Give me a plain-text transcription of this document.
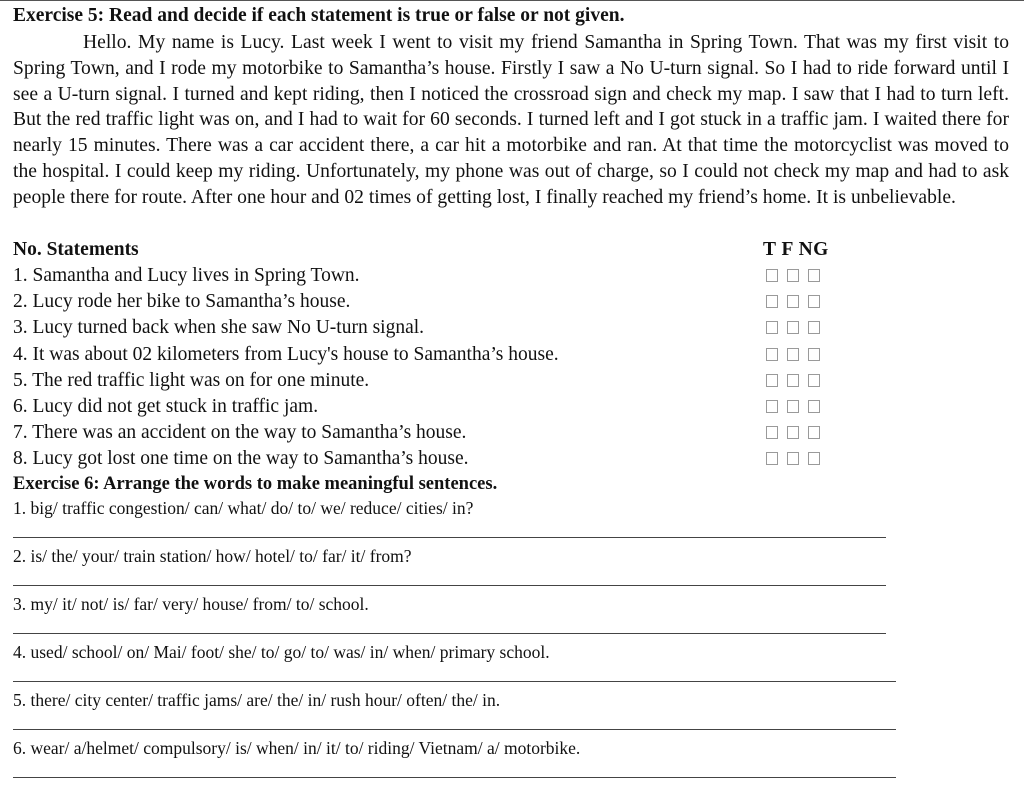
Exercise 5: Read and decide if each statement is true or false or not given.

Hello. My name is Lucy. Last week I went to visit my friend Samantha in Spring Town. That was my first visit to Spring Town, and I rode my motorbike to Samantha’s house. Firstly I saw a No U-turn signal. So I had to ride forward until I see a U-turn signal. I turned and kept riding, then I noticed the crossroad sign and check my map. I saw that I had to turn left. But the red traffic light was on, and I had to wait for 60 seconds. I turned left and I got stuck in a traffic jam. I waited there for nearly 15 minutes. There was a car accident there, a car hit a motorbike and ran. At that time the motorcyclist was moved to the hospital. I could keep my riding. Unfortunately, my phone was out of charge, so I could not check my map and had to ask people there for route. After one hour and 02 times of getting lost, I finally reached my friend’s home. It is unbelievable.

No. Statements	T F NG
1. Samantha and Lucy lives in Spring Town.
2. Lucy rode her bike to Samantha’s house.
3. Lucy turned back when she saw No U-turn signal.
4. It was about 02 kilometers from Lucy's house to Samantha’s house.
5. The red traffic light was on for one minute.
6. Lucy did not get stuck in traffic jam.
7. There was an accident on the way to Samantha’s house.
8. Lucy got lost one time on the way to Samantha’s house.
Exercise 6: Arrange the words to make meaningful sentences.
1. big/ traffic congestion/ can/ what/ do/ to/ we/ reduce/ cities/ in?
2. is/ the/ your/ train station/ how/ hotel/ to/ far/ it/ from?
3. my/ it/ not/ is/ far/ very/ house/ from/ to/ school.
4. used/ school/ on/ Mai/ foot/ she/ to/ go/ to/ was/ in/ when/ primary school.
5. there/ city center/ traffic jams/ are/ the/ in/ rush hour/ often/ the/ in.
6. wear/ a/helmet/ compulsory/ is/ when/ in/ it/ to/ riding/ Vietnam/ a/ motorbike.
